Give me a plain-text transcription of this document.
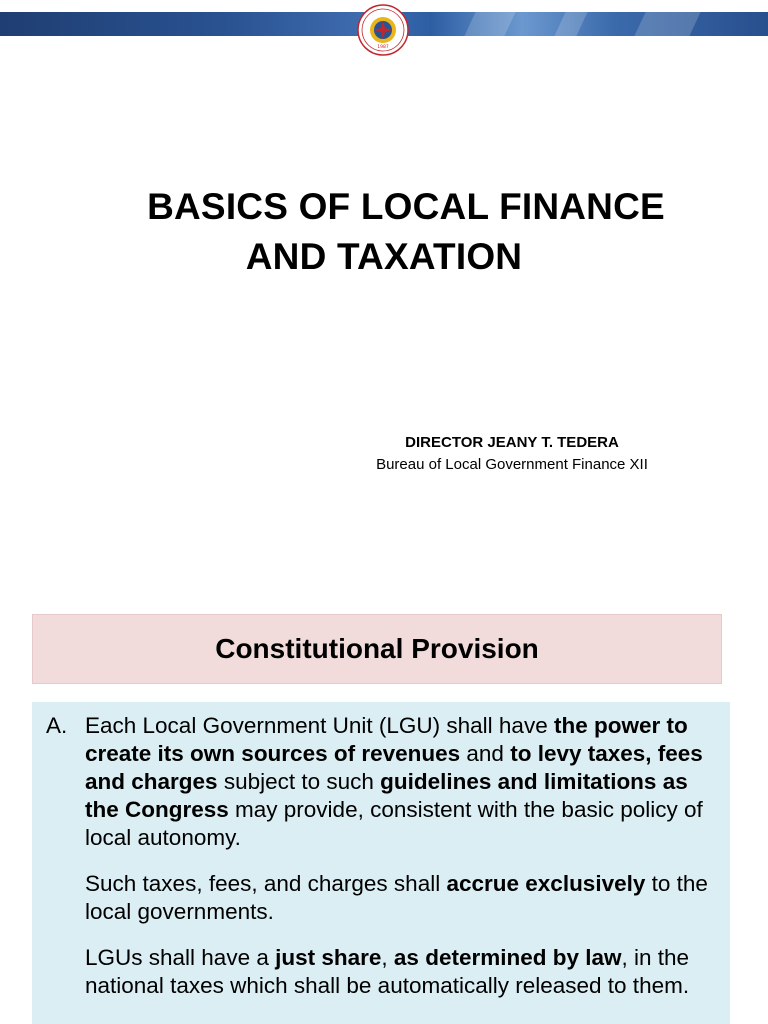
1987
BASICS OF LOCAL FINANCE
AND TAXATION
DIRECTOR JEANY T. TEDERA
Bureau of Local Government Finance XII
Constitutional Provision
A. Each Local Government Unit (LGU) shall have the power to create its own sources of revenues and to levy taxes, fees and charges subject to such guidelines and limitations as the Congress may provide, consistent with the basic policy of local autonomy.

Such taxes, fees, and charges shall accrue exclusively to the local governments.

LGUs shall have a just share, as determined by law, in the national taxes which shall be automatically released to them.
